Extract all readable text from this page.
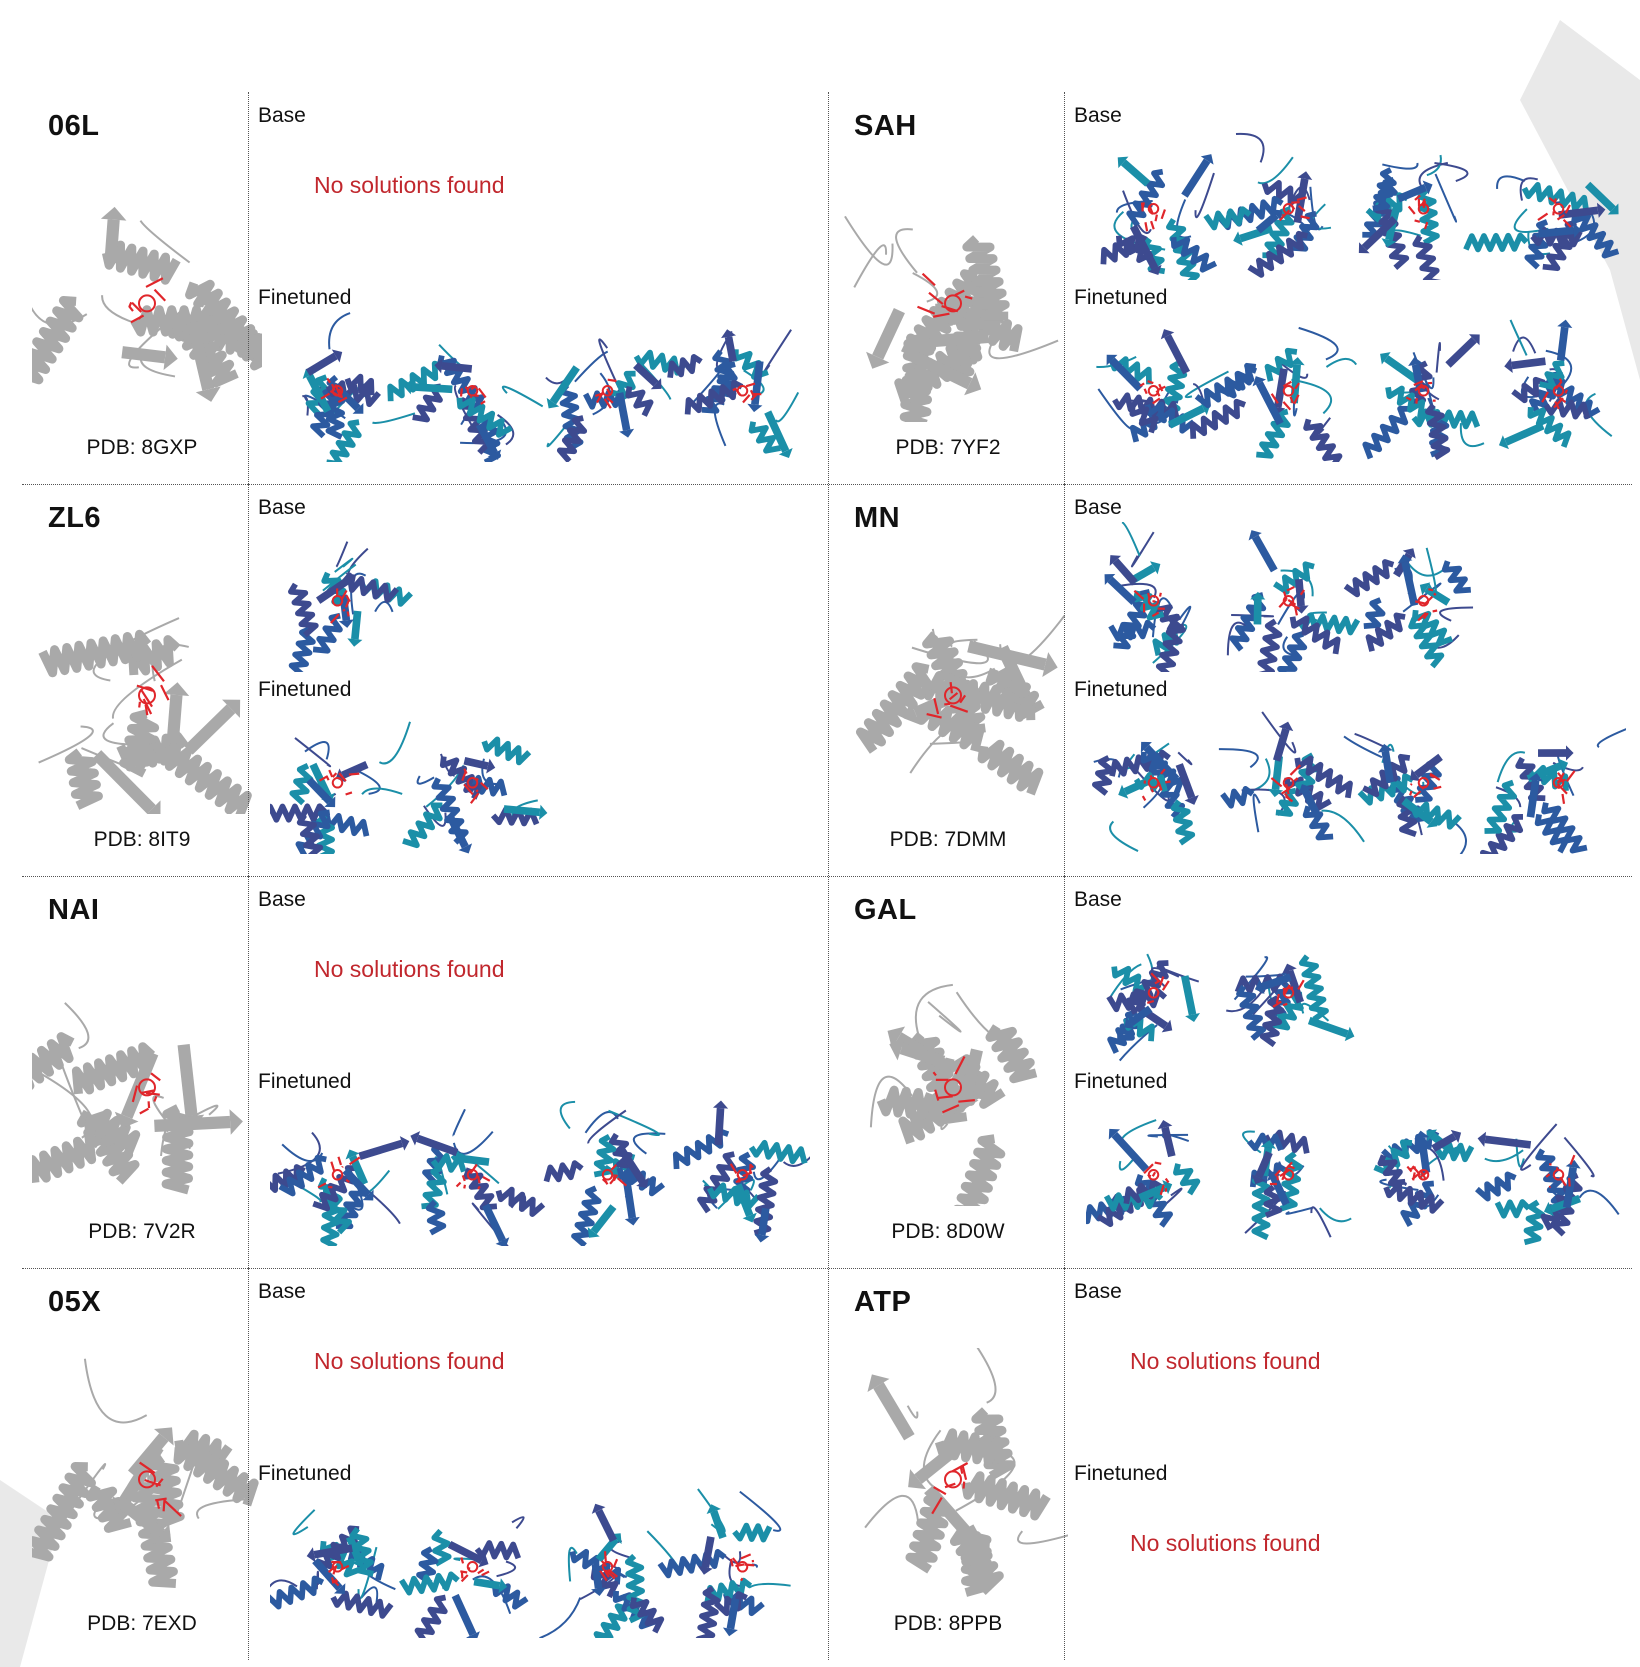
06L
PDB: 8GXP
Base
No solutions found
Finetuned
SAH
PDB: 7YF2
Base
Finetuned
ZL6
PDB: 8IT9
Base
Finetuned
MN
PDB: 7DMM
Base
Finetuned
NAI
PDB: 7V2R
Base
No solutions found
Finetuned
GAL
PDB: 8D0W
Base
Finetuned
05X
PDB: 7EXD
Base
No solutions found
Finetuned
ATP
PDB: 8PPB
Base
No solutions found
Finetuned
No solutions found
